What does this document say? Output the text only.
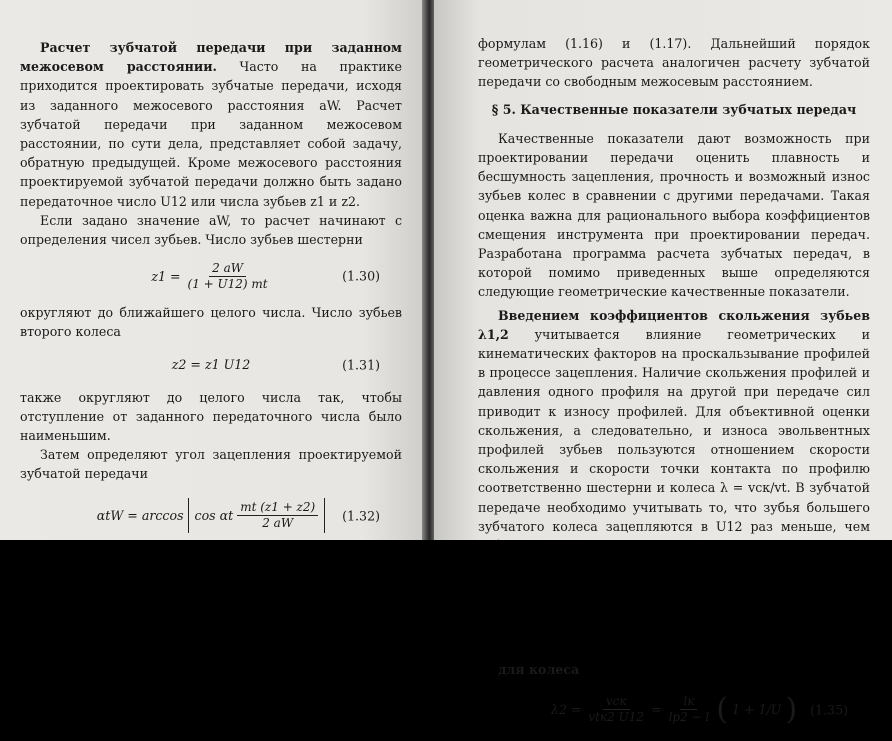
Расчет зубчатой передачи при заданном межосевом расстоянии. Часто на практике приходится проектировать зубчатые передачи, исходя из заданного межосевого расстояния aW. Расчет зубчатой передачи при заданном межосевом расстоянии, по сути дела, представляет собой задачу, обратную предыдущей. Кроме межосевого расстояния проектируемой зубчатой передачи должно быть задано передаточное число U12 или числа зубьев z1 и z2.

Если задано значение aW, то расчет начинают с определения чисел зубьев. Число зубьев шестерни

$z1 = \frac{2 aW}{(1 + U12) mt}$	(1.30)

округляют до ближайшего целого числа. Число зубьев второго колеса

z2 = z1 U12	(1.31)

также округляют до целого числа так, чтобы отступление от заданного передаточного числа было наименьшим.

Затем определяют угол зацепления проектируемой зубчатой передачи

αtW = arccos cos αt
$\frac{mt (z1 + z2)}{2 aW} (1.32)$

формулам (1.16) и (1.17). Дальнейший порядок геометрического расчета аналогичен расчету зубчатой передачи со свободным межосевым расстоянием.

§ 5. Качественные показатели зубчатых передач

Качественные показатели дают возможность при проектировании передачи оценить плавность и бесшумность зацепления, прочность и возможный износ зубьев колес в сравнении с другими передачами. Такая оценка важна для рационального выбора коэффициентов смещения инструмента при проектировании передач. Разработана программа расчета зубчатых передач, в которой помимо приведенных выше определяются следующие геометрические качественные показатели.

Введением коэффициентов скольжения зубьев λ1,2 учитывается влияние геометрических и кинематических факторов на проскальзывание профилей в процессе зацепления. Наличие скольжения профилей и давления одного профиля на другой при передаче сил приводит к износу профилей. Для объективной оценки скольжения, а следовательно, и износа эвольвентных профилей зубьев пользуются отношением скорости скольжения и скорости точки контакта по профилю соответственно шестерни и колеса λ = vск/vt. В зубчатой передаче необходимо учитывать то, что зубья большего зубчатого колеса зацепляются в U12 раз меньше, чем

для колеса

$\lambda 2 = \frac{\text{vск}}{\text{vtк2 U12}} = \frac{lк}{lp2 - l}$ ( 1 + 1/U ) (1.35)
